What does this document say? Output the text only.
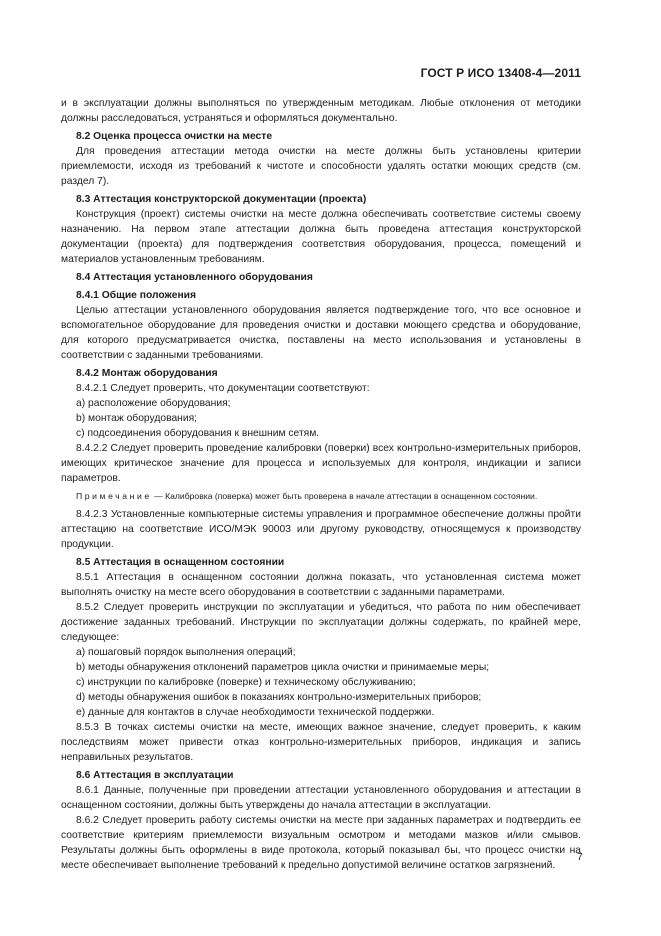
ГОСТ Р ИСО 13408-4—2011

и в эксплуатации должны выполняться по утвержденным методикам. Любые отклонения от методики должны расследоваться, устраняться и оформляться документально.

8.2 Оценка процесса очистки на месте

Для проведения аттестации метода очистки на месте должны быть установлены критерии приемлемости, исходя из требований к чистоте и способности удалять остатки моющих средств (см. раздел 7).

8.3 Аттестация конструкторской документации (проекта)

Конструкция (проект) системы очистки на месте должна обеспечивать соответствие системы своему назначению. На первом этапе аттестации должна быть проведена аттестация конструкторской документации (проекта) для подтверждения соответствия оборудования, процесса, помещений и материалов установленным требованиям.

8.4 Аттестация установленного оборудования

8.4.1 Общие положения

Целью аттестации установленного оборудования является подтверждение того, что все основное и вспомогательное оборудование для проведения очистки и доставки моющего средства и оборудование, для которого предусматривается очистка, поставлены на место использования и установлены в соответствии с заданными требованиями.

8.4.2 Монтаж оборудования

8.4.2.1 Следует проверить, что документации соответствуют:

a) расположение оборудования;

b) монтаж оборудования;

c) подсоединения оборудования к внешним сетям.

8.4.2.2 Следует проверить проведение калибровки (поверки) всех контрольно-измерительных приборов, имеющих критическое значение для процесса и используемых для контроля, индикации и записи параметров.

Примечание — Калибровка (поверка) может быть проверена в начале аттестации в оснащенном состоянии.

8.4.2.3 Установленные компьютерные системы управления и программное обеспечение должны пройти аттестацию на соответствие ИСО/МЭК 90003 или другому руководству, относящемуся к производству продукции.

8.5 Аттестация в оснащенном состоянии

8.5.1 Аттестация в оснащенном состоянии должна показать, что установленная система может выполнять очистку на месте всего оборудования в соответствии с заданными параметрами.

8.5.2 Следует проверить инструкции по эксплуатации и убедиться, что работа по ним обеспечивает достижение заданных требований. Инструкции по эксплуатации должны содержать, по крайней мере, следующее:

a) пошаговый порядок выполнения операций;

b) методы обнаружения отклонений параметров цикла очистки и принимаемые меры;

c) инструкции по калибровке (поверке) и техническому обслуживанию;

d) методы обнаружения ошибок в показаниях контрольно-измерительных приборов;

e) данные для контактов в случае необходимости технической поддержки.

8.5.3 В точках системы очистки на месте, имеющих важное значение, следует проверить, к каким последствиям может привести отказ контрольно-измерительных приборов, индикация и запись неправильных результатов.

8.6 Аттестация в эксплуатации

8.6.1 Данные, полученные при проведении аттестации установленного оборудования и аттестации в оснащенном состоянии, должны быть утверждены до начала аттестации в эксплуатации.

8.6.2 Следует проверить работу системы очистки на месте при заданных параметрах и подтвердить ее соответствие критериям приемлемости визуальным осмотром и методами мазков и/или смывов. Результаты должны быть оформлены в виде протокола, который показывал бы, что процесс очистки на месте обеспечивает выполнение требований к предельно допустимой величине остатков загрязнений.

7
